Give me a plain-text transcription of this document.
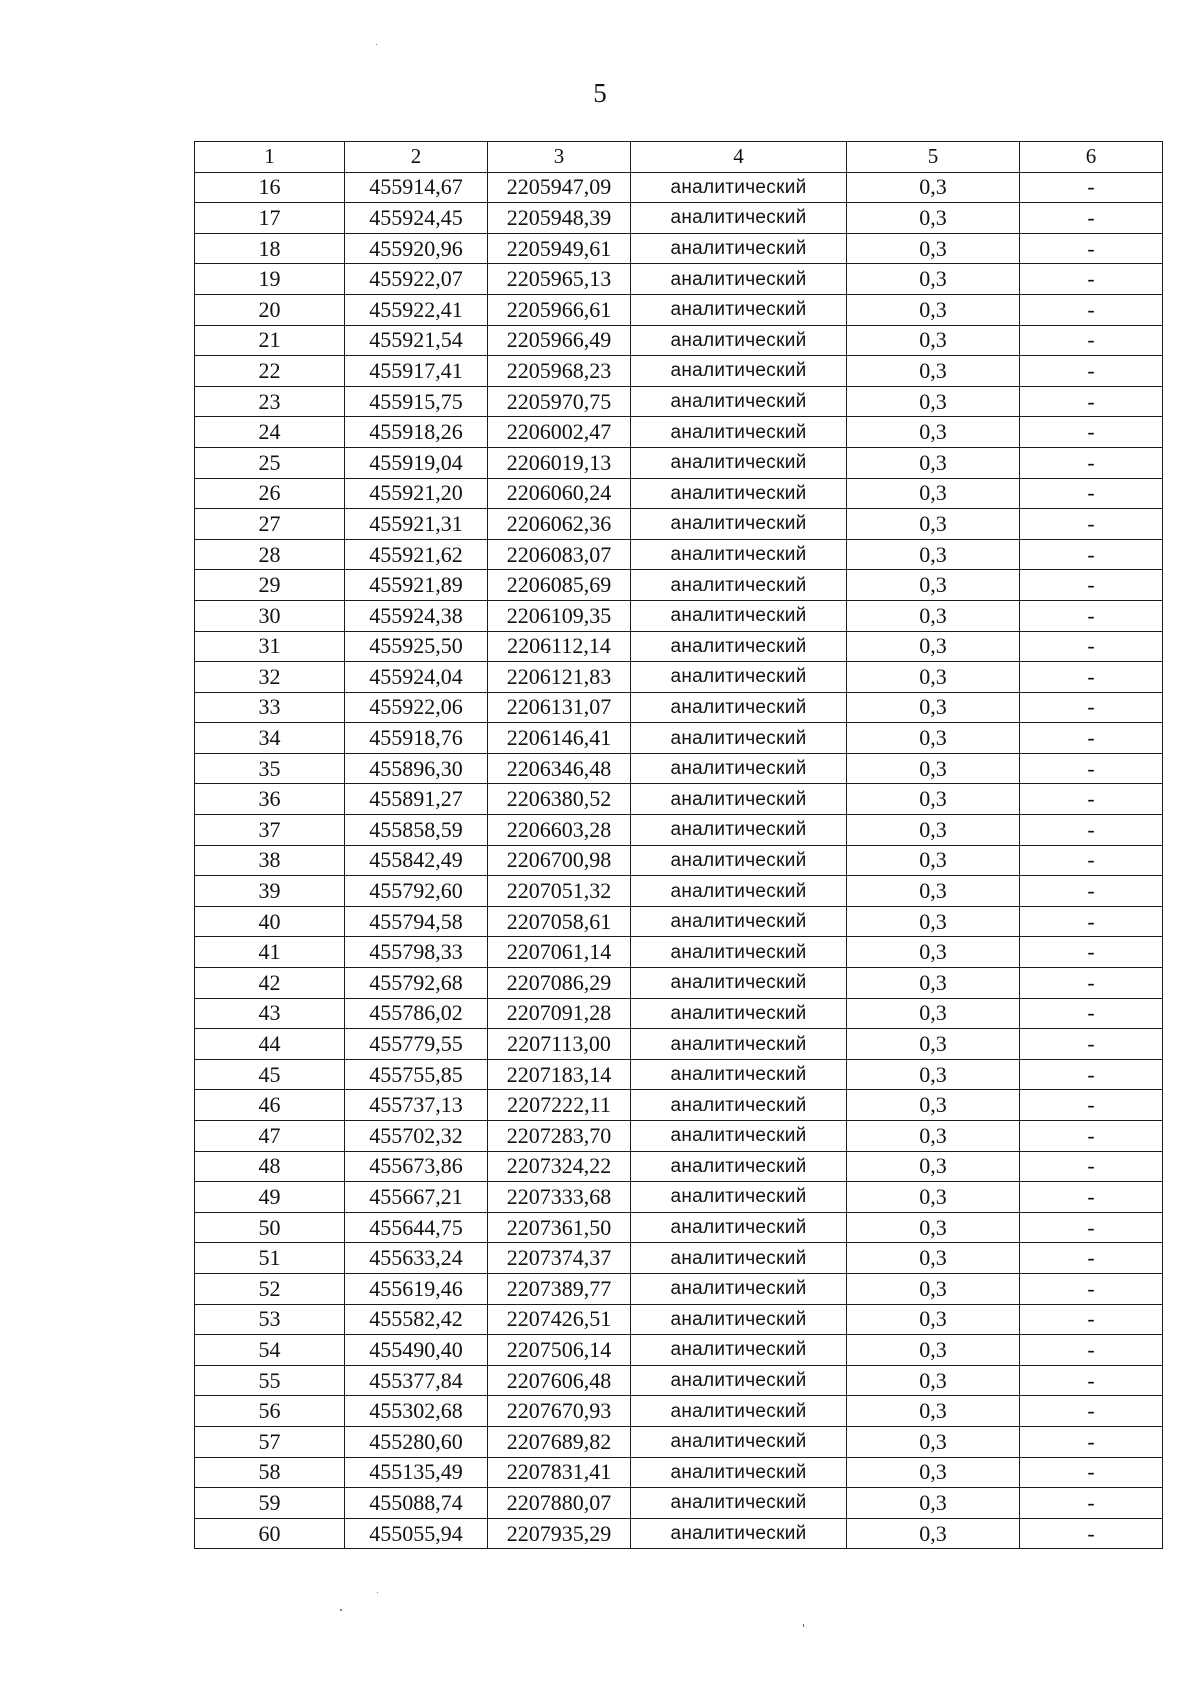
5
1	2	3	4	5	6
16	455914,67	2205947,09	аналитический	0,3	-
17	455924,45	2205948,39	аналитический	0,3	-
18	455920,96	2205949,61	аналитический	0,3	-
19	455922,07	2205965,13	аналитический	0,3	-
20	455922,41	2205966,61	аналитический	0,3	-
21	455921,54	2205966,49	аналитический	0,3	-
22	455917,41	2205968,23	аналитический	0,3	-
23	455915,75	2205970,75	аналитический	0,3	-
24	455918,26	2206002,47	аналитический	0,3	-
25	455919,04	2206019,13	аналитический	0,3	-
26	455921,20	2206060,24	аналитический	0,3	-
27	455921,31	2206062,36	аналитический	0,3	-
28	455921,62	2206083,07	аналитический	0,3	-
29	455921,89	2206085,69	аналитический	0,3	-
30	455924,38	2206109,35	аналитический	0,3	-
31	455925,50	2206112,14	аналитический	0,3	-
32	455924,04	2206121,83	аналитический	0,3	-
33	455922,06	2206131,07	аналитический	0,3	-
34	455918,76	2206146,41	аналитический	0,3	-
35	455896,30	2206346,48	аналитический	0,3	-
36	455891,27	2206380,52	аналитический	0,3	-
37	455858,59	2206603,28	аналитический	0,3	-
38	455842,49	2206700,98	аналитический	0,3	-
39	455792,60	2207051,32	аналитический	0,3	-
40	455794,58	2207058,61	аналитический	0,3	-
41	455798,33	2207061,14	аналитический	0,3	-
42	455792,68	2207086,29	аналитический	0,3	-
43	455786,02	2207091,28	аналитический	0,3	-
44	455779,55	2207113,00	аналитический	0,3	-
45	455755,85	2207183,14	аналитический	0,3	-
46	455737,13	2207222,11	аналитический	0,3	-
47	455702,32	2207283,70	аналитический	0,3	-
48	455673,86	2207324,22	аналитический	0,3	-
49	455667,21	2207333,68	аналитический	0,3	-
50	455644,75	2207361,50	аналитический	0,3	-
51	455633,24	2207374,37	аналитический	0,3	-
52	455619,46	2207389,77	аналитический	0,3	-
53	455582,42	2207426,51	аналитический	0,3	-
54	455490,40	2207506,14	аналитический	0,3	-
55	455377,84	2207606,48	аналитический	0,3	-
56	455302,68	2207670,93	аналитический	0,3	-
57	455280,60	2207689,82	аналитический	0,3	-
58	455135,49	2207831,41	аналитический	0,3	-
59	455088,74	2207880,07	аналитический	0,3	-
60	455055,94	2207935,29	аналитический	0,3	-
